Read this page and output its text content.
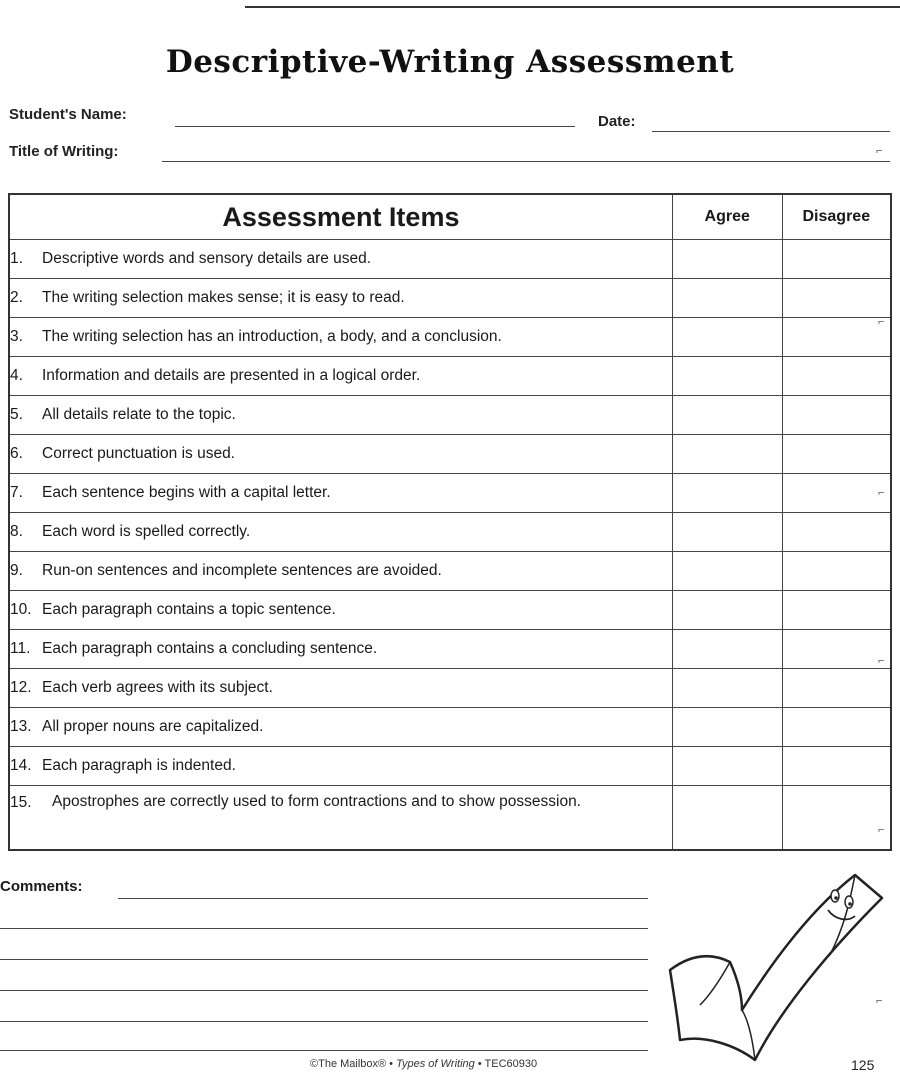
Descriptive-Writing Assessment
Student's Name:	Date:
Title of Writing:	⌐
Assessment Items	Agree	Disagree
1. Descriptive words and sensory details are used.		
2. The writing selection makes sense; it is easy to read.		
3. The writing selection has an introduction, a body, and a conclusion.		
4. Information and details are presented in a logical order.		
5. All details relate to the topic.		
6. Correct punctuation is used.		
7. Each sentence begins with a capital letter.		
8. Each word is spelled correctly.		
9. Run-on sentences and incomplete sentences are avoided.		
10. Each paragraph contains a topic sentence.		
11. Each paragraph contains a concluding sentence.		
12. Each verb agrees with its subject.		
13. All proper nouns are capitalized.		
14. Each paragraph is indented.		

15. Apostrophes are correctly used to form contractions and to show possession.		

⌐
⌐
⌐
⌐
⌐
Comments:
©The Mailbox® • Types of Writing • TEC60930	125
